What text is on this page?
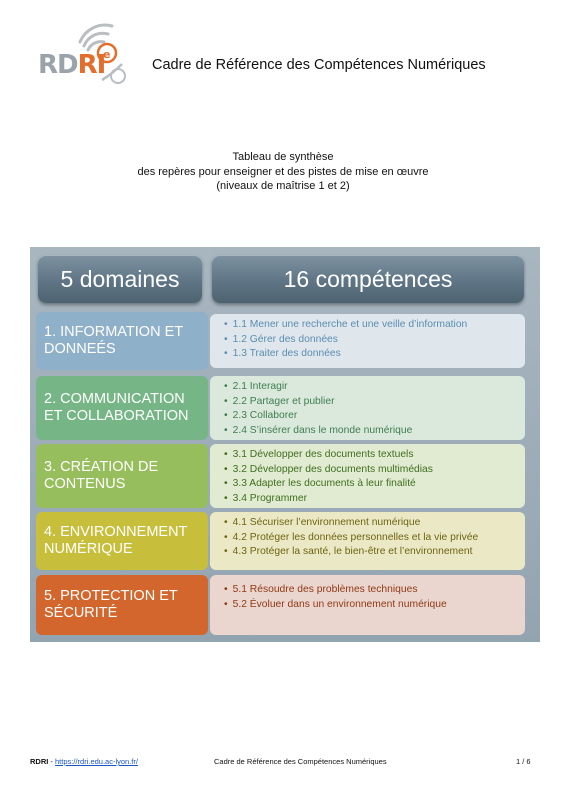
e
RDRI	Cadre de Référence des Compétences Numériques
Tableau de synthèse
des repères pour enseigner et des pistes de mise en œuvre
(niveaux de maîtrise 1 et 2)
5 domaines	16 compétences
1. INFORMATION ET DONNEÉS
• 1.1 Mener une recherche et une veille d’information
• 1.2 Gérer des données
• 1.3 Traiter des données
2. COMMUNICATION ET COLLABORATION
• 2.1 Interagir
• 2.2 Partager et publier
• 2.3 Collaborer
• 2.4 S’insérer dans le monde numérique
3. CRÉATION DE CONTENUS
• 3.1 Développer des documents textuels
• 3.2 Développer des documents multimédias
• 3.3 Adapter les documents à leur finalité
• 3.4 Programmer
4. ENVIRONNEMENT NUMÉRIQUE
• 4.1 Sécuriser l’environnement numérique
• 4.2 Protéger les données personnelles et la vie privée
• 4.3 Protéger la santé, le bien-être et l’environnement
5. PROTECTION ET SÉCURITÉ
• 5.1 Résoudre des problèmes techniques
• 5.2 Évoluer dans un environnement numérique
RDRI - https://rdri.edu.ac-lyon.fr/	Cadre de Référence des Compétences Numériques	1 / 6
